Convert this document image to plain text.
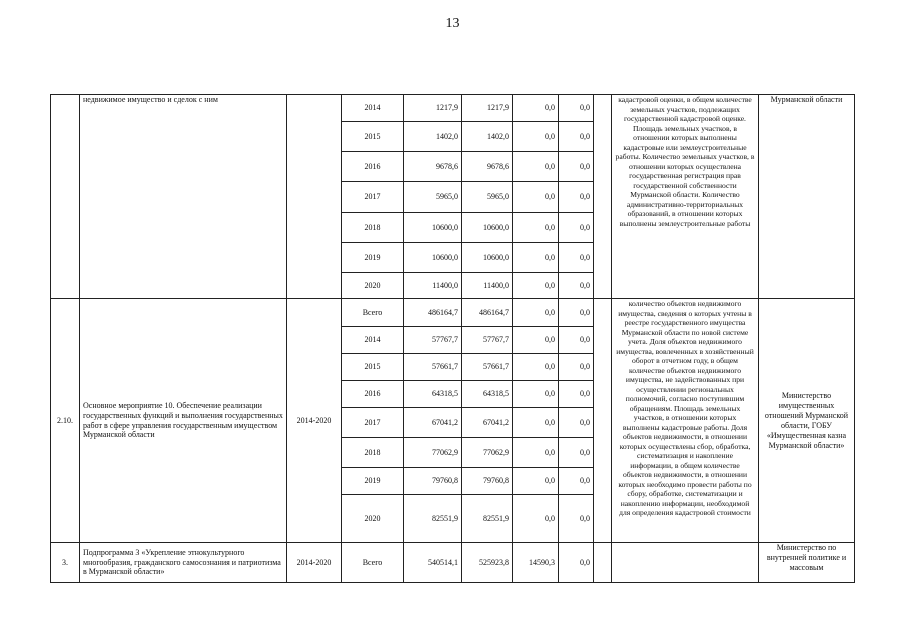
13
	недвижимое имущество и сделок с ним		2014	1217,9	1217,9	0,0	0,0		кадастровой оценки, в общем количестве земельных участков, подлежащих государственной кадастровой оценке. Площадь земельных участков, в отношении которых выполнены кадастровые или землеустроительные работы. Количество земельных участков, в отношении которых осуществлена государственная регистрация прав государственной собственности Мурманской области. Количество административно-территориальных образований, в отношении которых выполнены землеустроительные работы	Мурманской области
			2015	1402,0	1402,0	0,0	0,0			
			2016	9678,6	9678,6	0,0	0,0			
			2017	5965,0	5965,0	0,0	0,0			
			2018	10600,0	10600,0	0,0	0,0			
			2019	10600,0	10600,0	0,0	0,0			
			2020	11400,0	11400,0	0,0	0,0			
2.10.	Основное мероприятие 10. Обеспечение реализации государственных функций и выполнения государственных работ в сфере управления государственным имуществом Мурманской области	2014-2020	Всего	486164,7	486164,7	0,0	0,0		количество объектов недвижимого имущества, сведения о которых учтены в реестре государственного имущества Мурманской области по новой системе учета. Доля объектов недвижимого имущества, вовлеченных в хозяйственный оборот в отчетном году, в общем количестве объектов недвижимого имущества, не задействованных при осуществлении региональных полномочий, согласно поступившим обращениям. Площадь земельных участков, в отношении которых выполнены кадастровые работы. Доля объектов недвижимости, в отношении которых осуществлены сбор, обработка, систематизация и накопление информации, в общем количестве объектов недвижимости, в отношении которых необходимо провести работы по сбору, обработке, систематизации и накоплению информации, необходимой для определения кадастровой стоимости	Министерство имущественных отношений Мурманской области, ГОБУ «Имущественная казна Мурманской области»
			2014	57767,7	57767,7	0,0	0,0			
			2015	57661,7	57661,7	0,0	0,0			
			2016	64318,5	64318,5	0,0	0,0			
			2017	67041,2	67041,2	0,0	0,0			
			2018	77062,9	77062,9	0,0	0,0			
			2019	79760,8	79760,8	0,0	0,0			
			2020	82551,9	82551,9	0,0	0,0			
3.	Подпрограмма 3 «Укрепление этнокультурного многообразия, гражданского самосознания и патриотизма в Мурманской области»	2014-2020	Всего	540514,1	525923,8	14590,3	0,0			Министерство по внутренней политике и массовым
